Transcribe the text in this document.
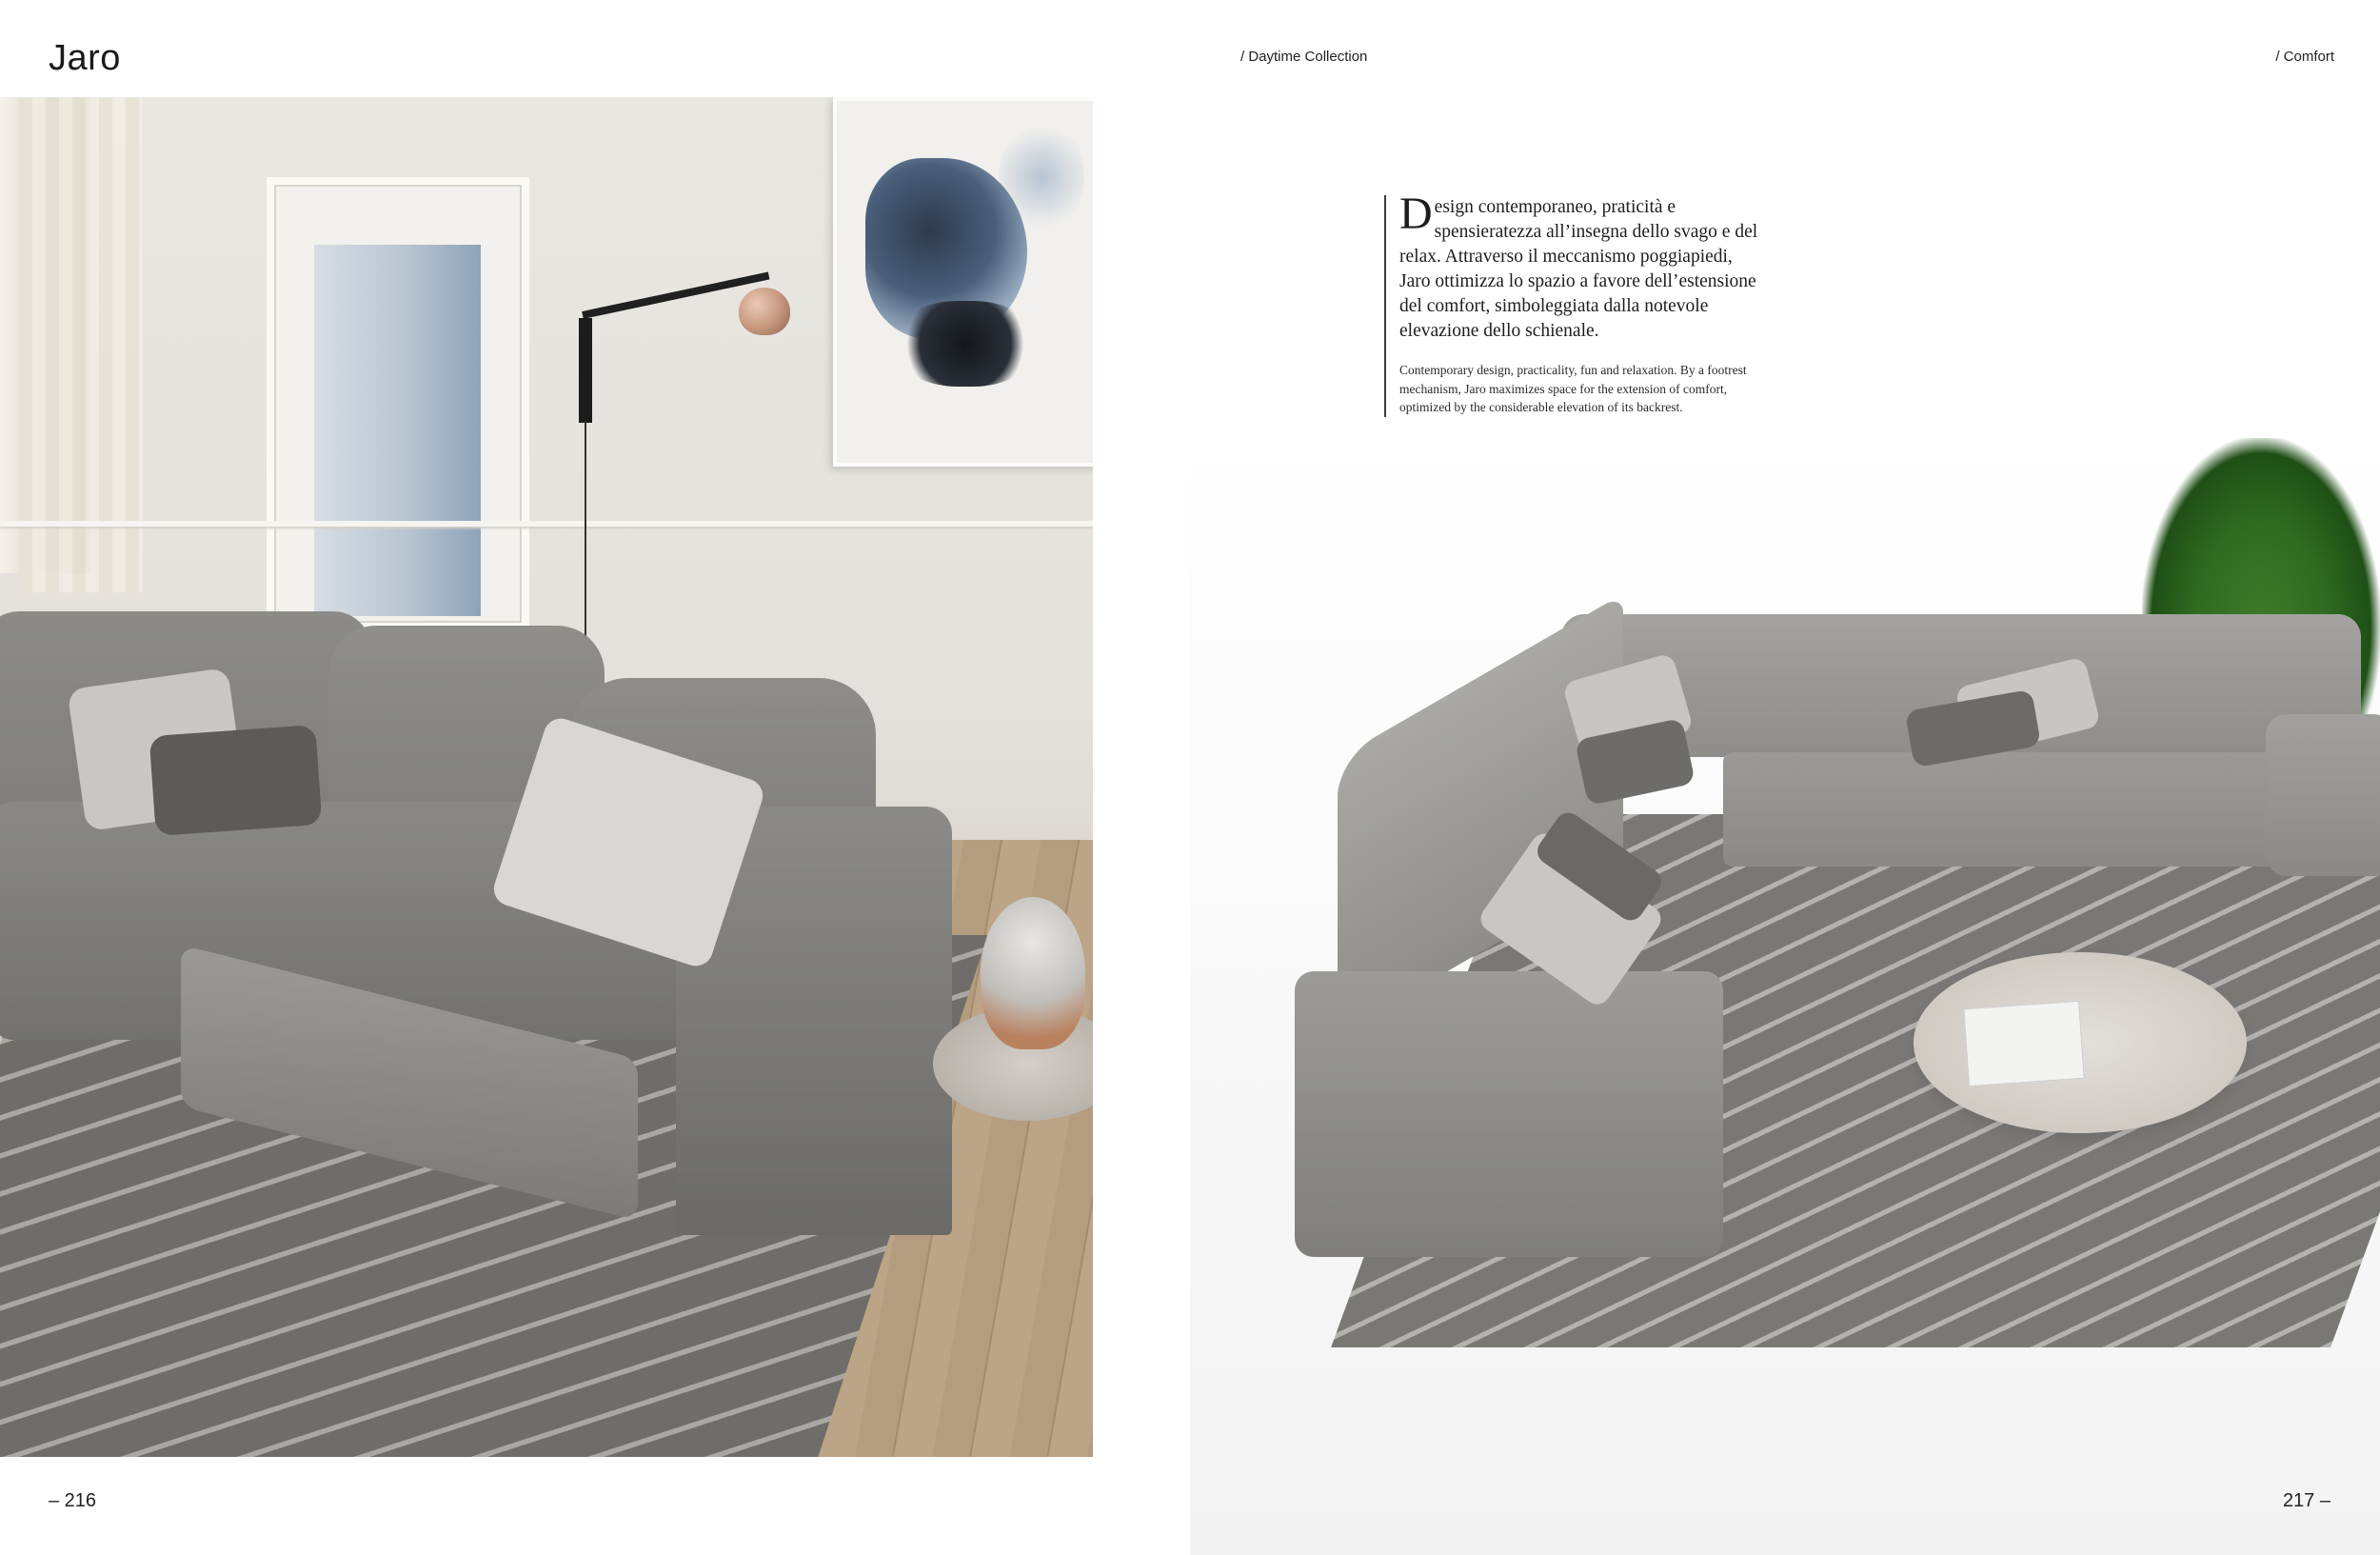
Jaro	/ Daytime Collection	/ Comfort

Design contemporaneo, praticità e spensieratezza all’insegna dello svago e del relax. Attraverso il meccanismo poggiapiedi, Jaro ottimizza lo spazio a favore dell’estensione del comfort, simboleggiata dalla notevole elevazione dello schienale.

Contemporary design, practicality, fun and relaxation. By a footrest mechanism, Jaro maximizes space for the extension of comfort, optimized by the considerable elevation of its backrest.

– 216	217 –
